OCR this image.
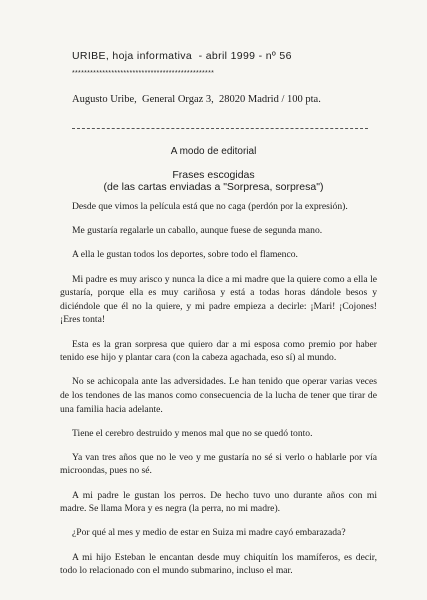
URIBE, hoja informativa  - abril 1999 - nº 56
***********************************************
Augusto Uribe,  General Orgaz 3,  28020 Madrid / 100 pta.
A modo de editorial
Frases escogidas
(de las cartas enviadas a "Sorpresa, sorpresa")

Desde que vimos la película está que no caga (perdón por la expresión).

Me gustaría regalarle un caballo, aunque fuese de segunda mano.

A ella le gustan todos los deportes, sobre todo el flamenco.

Mi padre es muy arisco y nunca la dice a mi madre que la quiere como a ella le gustaría, porque ella es muy cariñosa y está a todas horas dándole besos y diciéndole que él no la quiere, y mi padre empieza a decirle: ¡Mari! ¡Cojones! ¡Eres tonta!

Esta es la gran sorpresa que quiero dar a mi esposa como premio por haber tenido ese hijo y plantar cara (con la cabeza agachada, eso sí) al mundo.

No se achicopala ante las adversidades. Le han tenido que operar varias veces de los tendones de las manos como consecuencia de la lucha de tener que tirar de una familia hacia adelante.

Tiene el cerebro destruido y menos mal que no se quedó tonto.

Ya van tres años que no le veo y me gustaría no sé si verlo o hablarle por vía microondas, pues no sé.

A mi padre le gustan los perros. De hecho tuvo uno durante años con mi madre. Se llama Mora y es negra (la perra, no mi madre).

¿Por qué al mes y medio de estar en Suiza mi madre cayó embarazada?

A mi hijo Esteban le encantan desde muy chiquitín los mamíferos, es decir, todo lo relacionado con el mundo submarino, incluso el mar.
